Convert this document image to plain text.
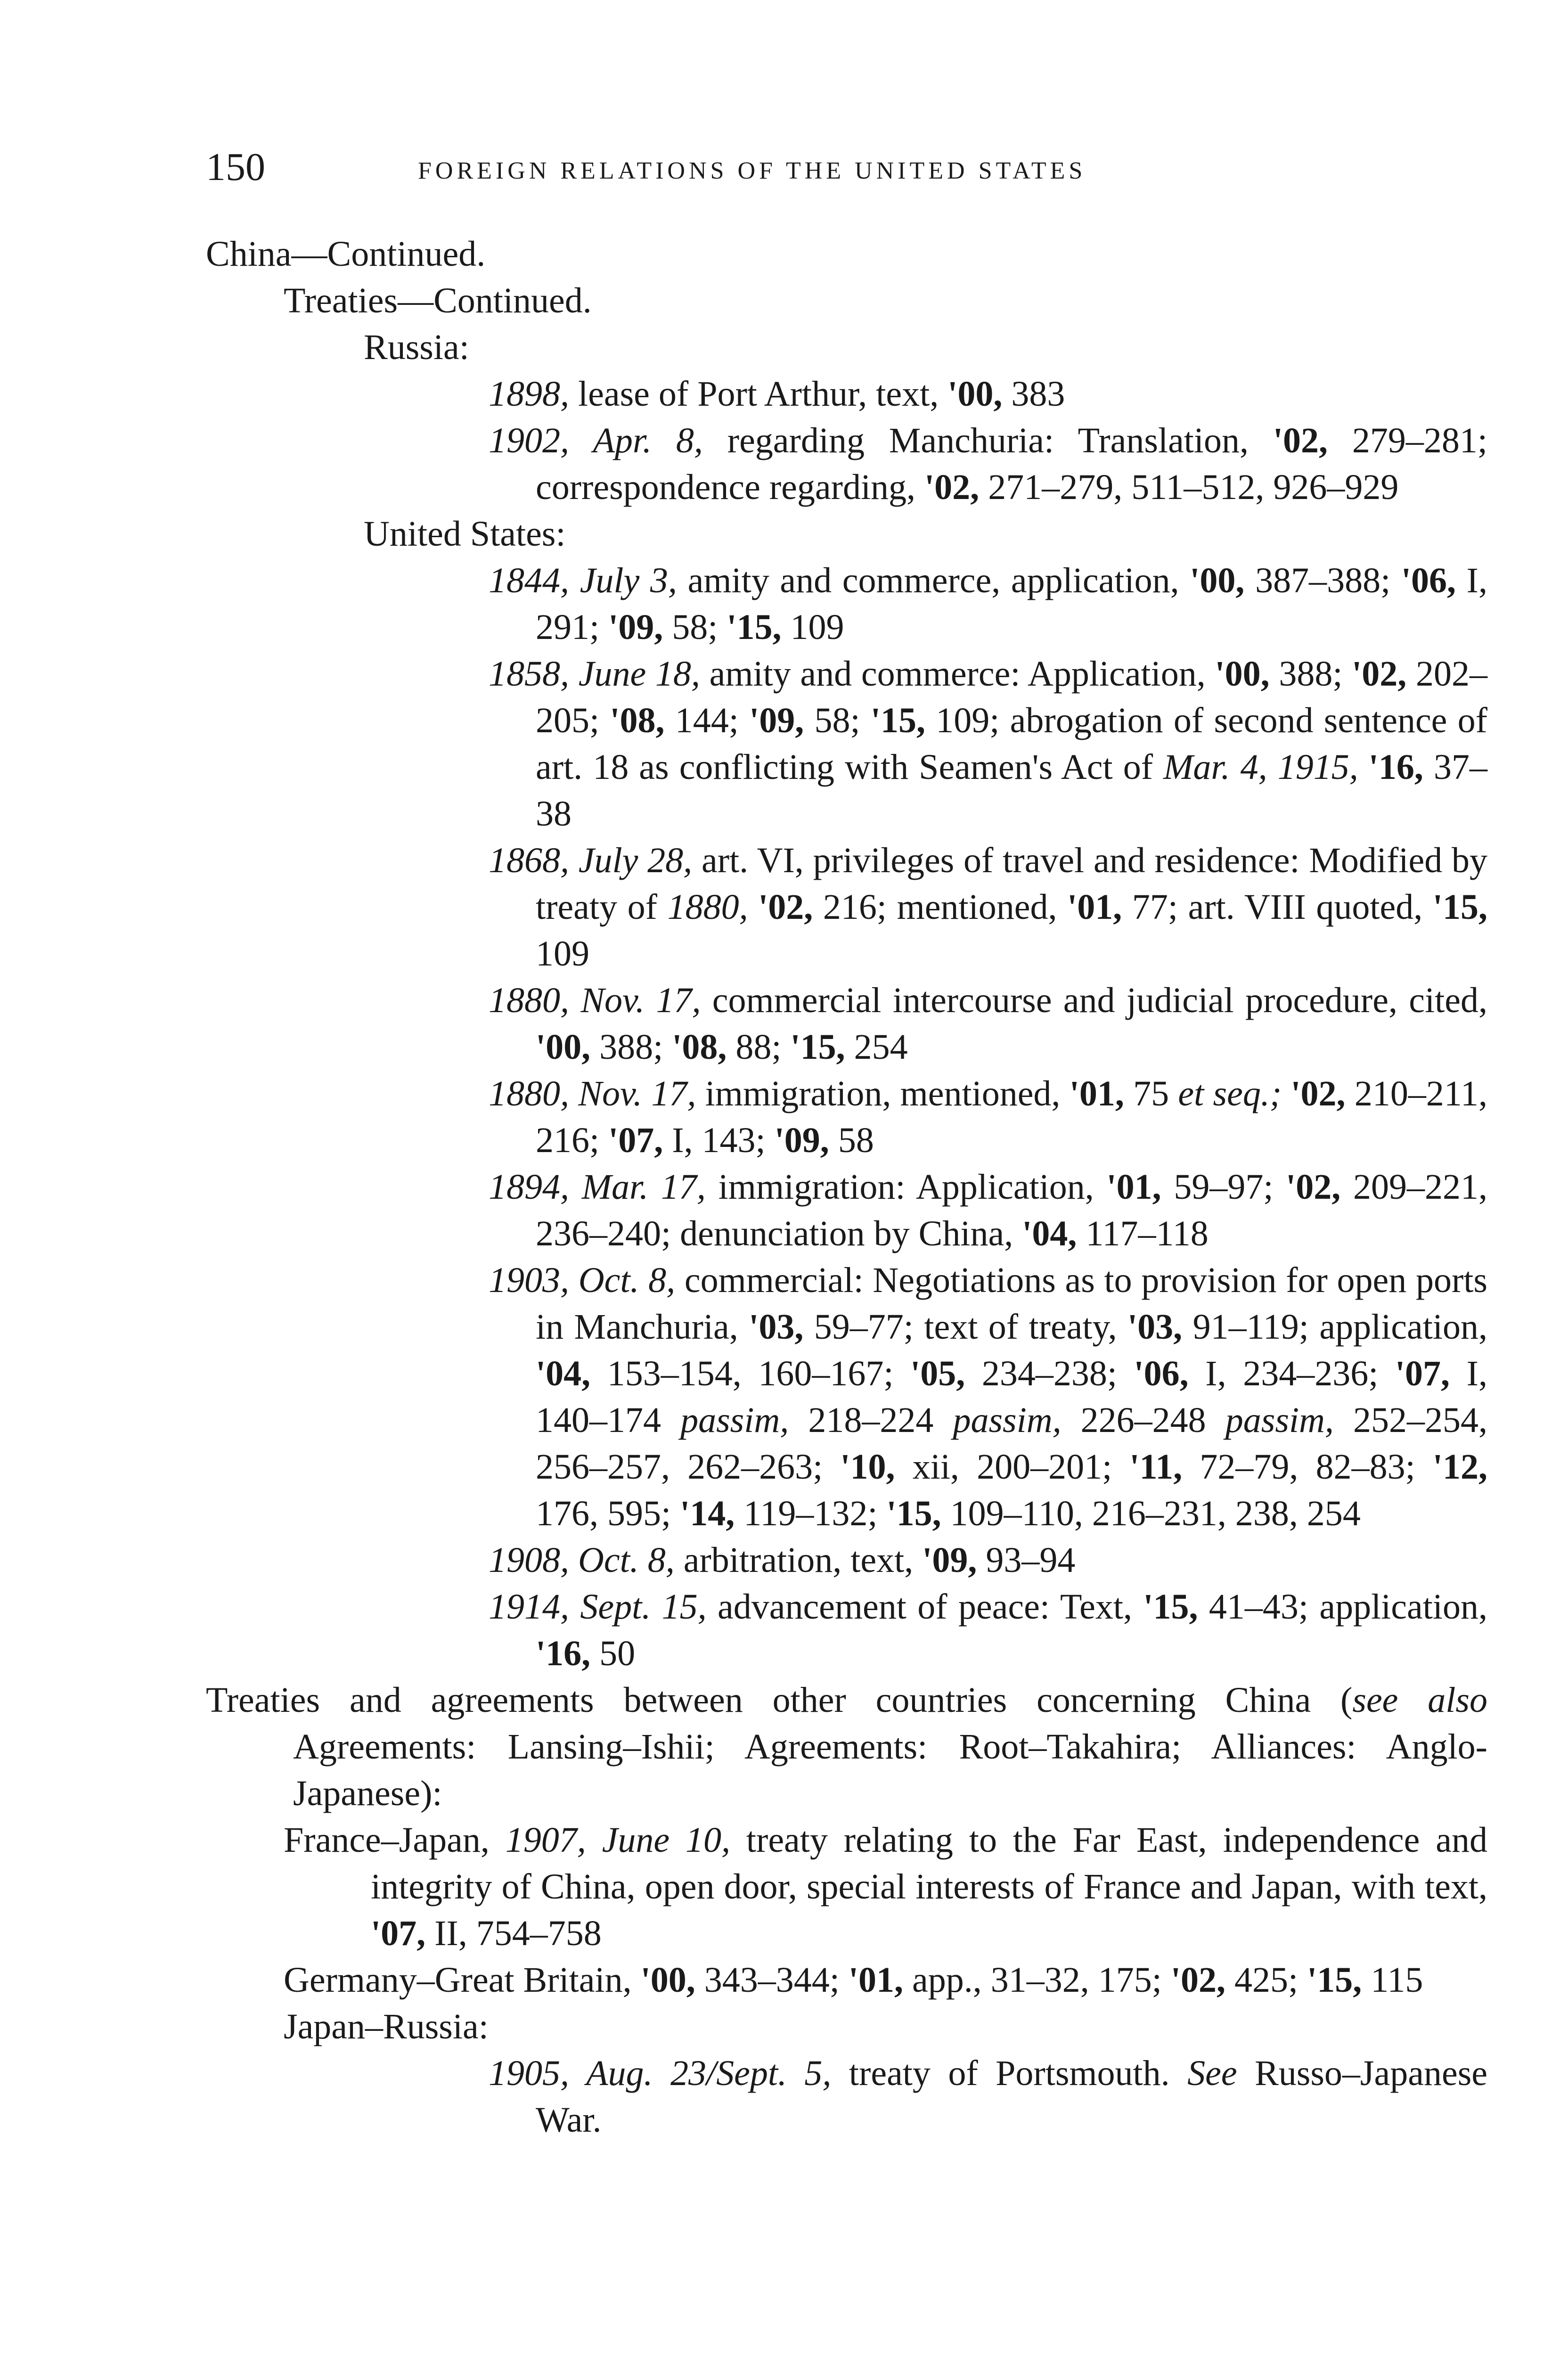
150	FOREIGN RELATIONS OF THE UNITED STATES
China—Continued.
Treaties—Continued.
Russia:
1898, lease of Port Arthur, text, '00, 383
1902, Apr. 8, regarding Manchuria: Translation, '02, 279–281; correspondence regarding, '02, 271–279, 511–512, 926–929
United States:
1844, July 3, amity and commerce, application, '00, 387–388; '06, I, 291; '09, 58; '15, 109
1858, June 18, amity and commerce: Application, '00, 388; '02, 202–205; '08, 144; '09, 58; '15, 109; abrogation of second sentence of art. 18 as conflicting with Seamen's Act of Mar. 4, 1915, '16, 37–38
1868, July 28, art. VI, privileges of travel and residence: Modified by treaty of 1880, '02, 216; mentioned, '01, 77; art. VIII quoted, '15, 109
1880, Nov. 17, commercial intercourse and judicial procedure, cited, '00, 388; '08, 88; '15, 254
1880, Nov. 17, immigration, mentioned, '01, 75 et seq.; '02, 210–211, 216; '07, I, 143; '09, 58
1894, Mar. 17, immigration: Application, '01, 59–97; '02, 209–221, 236–240; denunciation by China, '04, 117–118
1903, Oct. 8, commercial: Negotiations as to provision for open ports in Manchuria, '03, 59–77; text of treaty, '03, 91–119; application, '04, 153–154, 160–167; '05, 234–238; '06, I, 234–236; '07, I, 140–174 passim, 218–224 passim, 226–248 passim, 252–254, 256–257, 262–263; '10, xii, 200–201; '11, 72–79, 82–83; '12, 176, 595; '14, 119–132; '15, 109–110, 216–231, 238, 254
1908, Oct. 8, arbitration, text, '09, 93–94
1914, Sept. 15, advancement of peace: Text, '15, 41–43; application, '16, 50
Treaties and agreements between other countries concerning China (see also Agreements: Lansing–Ishii; Agreements: Root–Takahira; Alliances: Anglo-Japanese):
France–Japan, 1907, June 10, treaty relating to the Far East, independence and integrity of China, open door, special interests of France and Japan, with text, '07, II, 754–758
Germany–Great Britain, '00, 343–344; '01, app., 31–32, 175; '02, 425; '15, 115
Japan–Russia:
1905, Aug. 23/Sept. 5, treaty of Portsmouth. See Russo–Japanese War.
